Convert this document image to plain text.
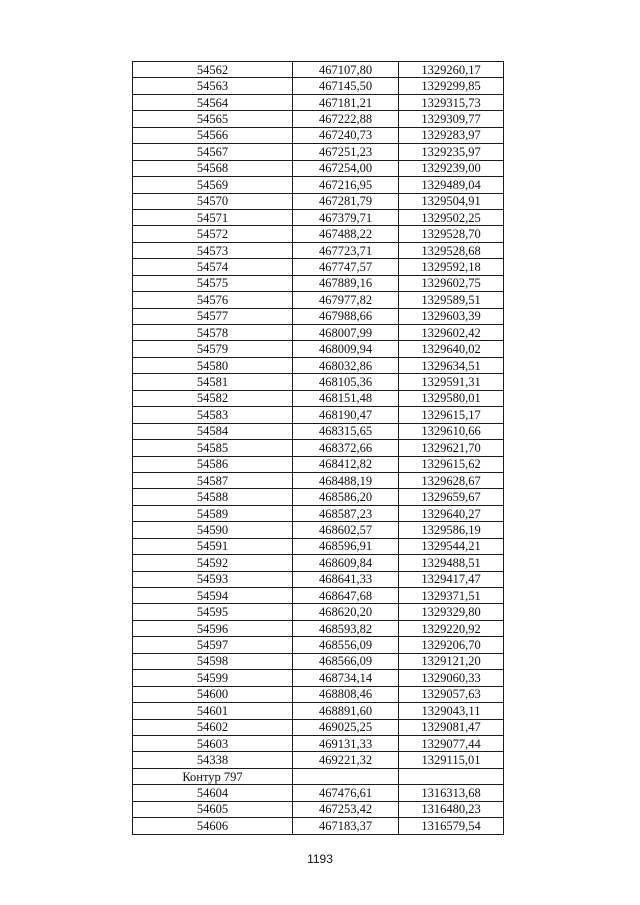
54562	467107,80	1329260,17
54563	467145,50	1329299,85
54564	467181,21	1329315,73
54565	467222,88	1329309,77
54566	467240,73	1329283,97
54567	467251,23	1329235,97
54568	467254,00	1329239,00
54569	467216,95	1329489,04
54570	467281,79	1329504,91
54571	467379,71	1329502,25
54572	467488,22	1329528,70
54573	467723,71	1329528,68
54574	467747,57	1329592,18
54575	467889,16	1329602,75
54576	467977,82	1329589,51
54577	467988,66	1329603,39
54578	468007,99	1329602,42
54579	468009,94	1329640,02
54580	468032,86	1329634,51
54581	468105,36	1329591,31
54582	468151,48	1329580,01
54583	468190,47	1329615,17
54584	468315,65	1329610,66
54585	468372,66	1329621,70
54586	468412,82	1329615,62
54587	468488,19	1329628,67
54588	468586,20	1329659,67
54589	468587,23	1329640,27
54590	468602,57	1329586,19
54591	468596,91	1329544,21
54592	468609,84	1329488,51
54593	468641,33	1329417,47
54594	468647,68	1329371,51
54595	468620,20	1329329,80
54596	468593,82	1329220,92
54597	468556,09	1329206,70
54598	468566,09	1329121,20
54599	468734,14	1329060,33
54600	468808,46	1329057,63
54601	468891,60	1329043,11
54602	469025,25	1329081,47
54603	469131,33	1329077,44
54338	469221,32	1329115,01
Контур 797		
54604	467476,61	1316313,68
54605	467253,42	1316480,23
54606	467183,37	1316579,54
1193
